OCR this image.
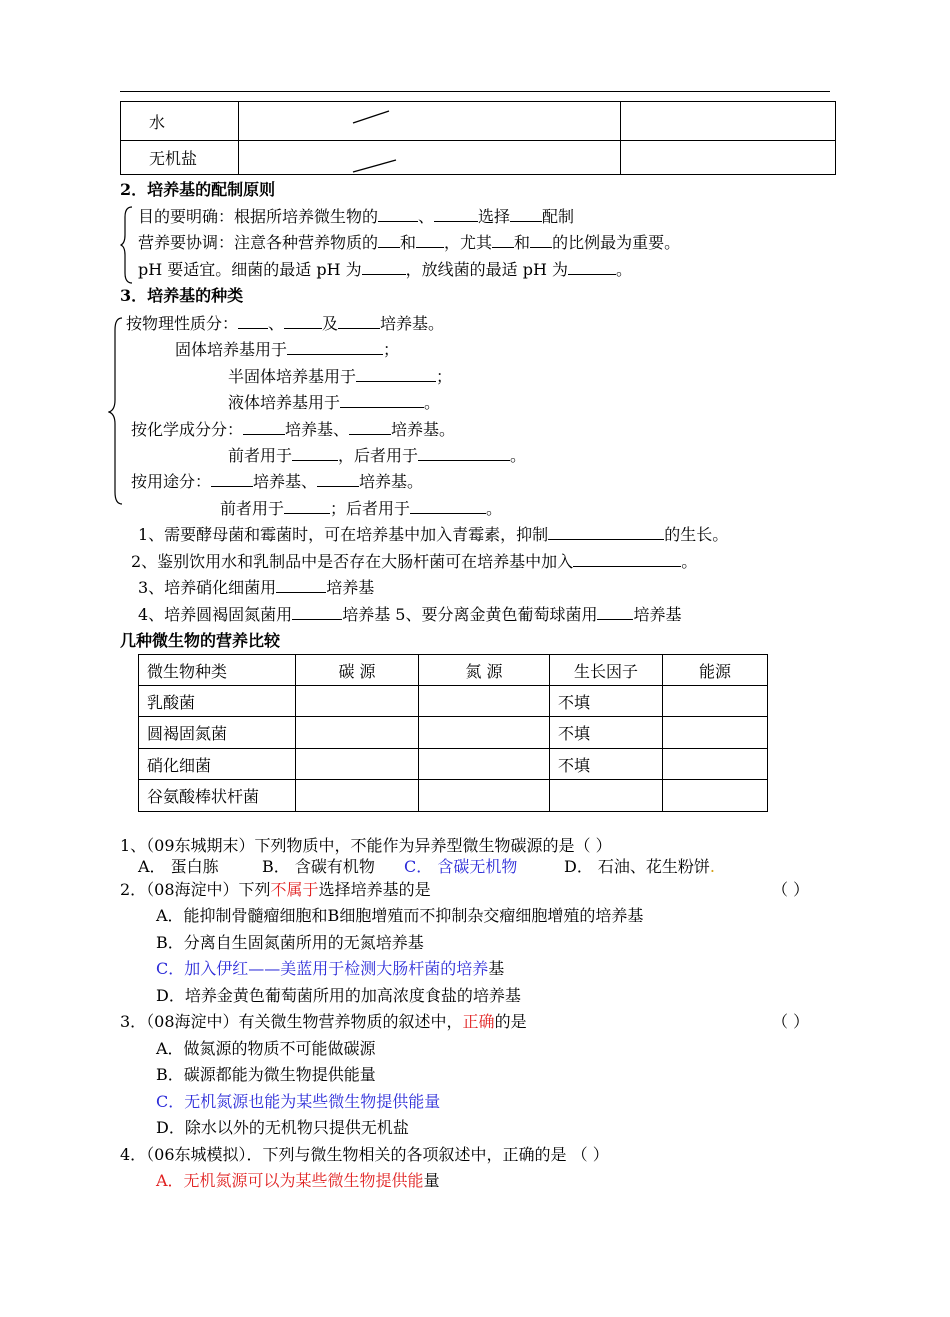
水	

无机盐	

2．培养基的配制原则
目的要明确：根据所培养微生物的	、	选择 配制
营养要协调：注意各种营养物质的 和 ，尤其 和 的比例最为重要。
pH 要适宜。细菌的最适 pH 为	，放线菌的最适 pH 为	。
3．培养基的种类
按物理性质分： 、 及	培养基。
固体培养基用于	；
半固体培养基用于	；
液体培养基用于	。
按化学成分分：	培养基、	培养基。
前者用于	，后者用于	。
按用途分：	培养基、	培养基。
前者用于	；后者用于	。
1、需要酵母菌和霉菌时，可在培养基中加入青霉素，抑制	的生长。
2、鉴别饮用水和乳制品中是否存在大肠杆菌可在培养基中加入	。
3、培养硝化细菌用	培养基
4、培养圆褐固氮菌用	培养基 5、要分离金黄色葡萄球菌用 培养基
几种微生物的营养比较
微生物种类	碳 源	氮 源	生长因子	能源
乳酸菌			不填	
圆褐固氮菌			不填	
硝化细菌			不填	
谷氨酸棒状杆菌				
1、（09东城期末）下列物质中，不能作为异养型微生物碳源的是（ ）
A． 蛋白胨	B． 含碳有机物 C． 含碳无机物	D． 石油、花生粉饼.
2．（08海淀中）下列不属于选择培养基的是	（ ）
A．能抑制骨髓瘤细胞和B细胞增殖而不抑制杂交瘤细胞增殖的培养基
B．分离自生固氮菌所用的无氮培养基
C．加入伊红——美蓝用于检测大肠杆菌的培养基
D．培养金黄色葡萄菌所用的加高浓度食盐的培养基
3．（08海淀中）有关微生物营养物质的叙述中，正确的是	（ ）
A．做氮源的物质不可能做碳源
B．碳源都能为微生物提供能量
C．无机氮源也能为某些微生物提供能量
D．除水以外的无机物只提供无机盐
4．（06东城模拟）．下列与微生物相关的各项叙述中，正确的是 （ ）
A．无机氮源可以为某些微生物提供能量
